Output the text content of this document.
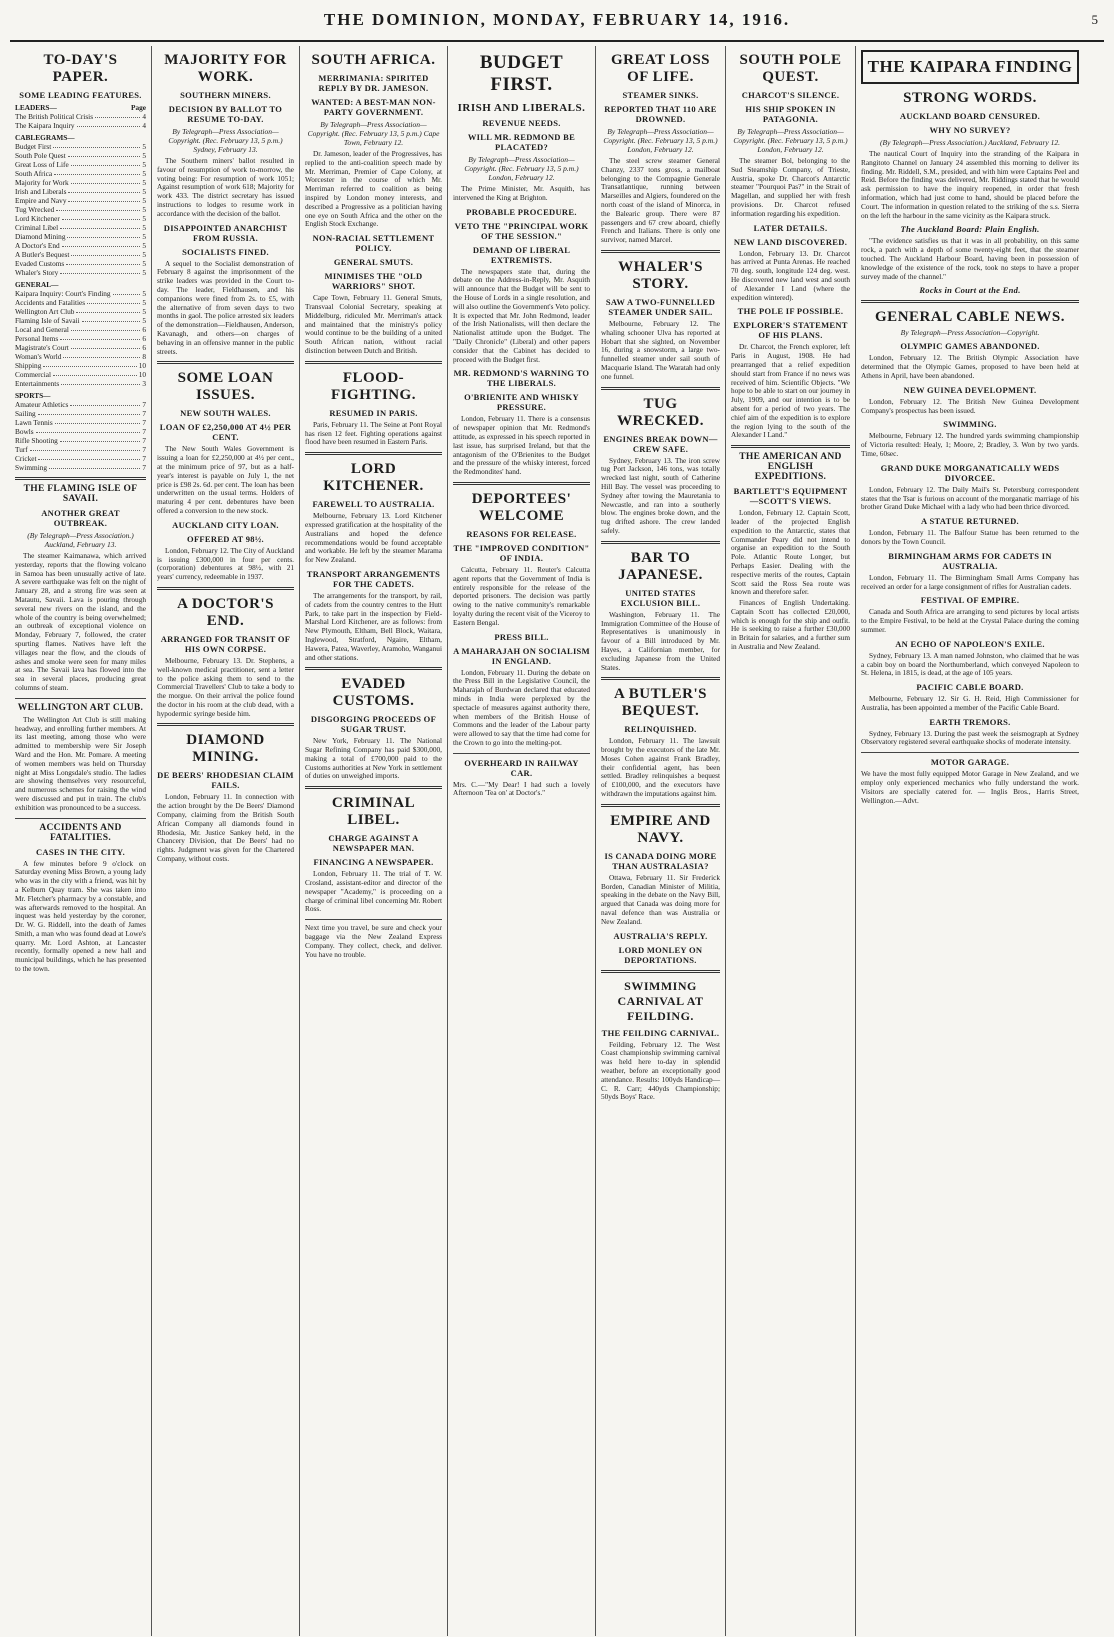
THE DOMINION, MONDAY, FEBRUARY 14, 1916.	5
TO-DAY'S PAPER.
SOME LEADING FEATURES.
LEADERS—	Page
The British Political Crisis	4
The Kaipara Inquiry	4
CABLEGRAMS—
Budget First	5
South Pole Quest	5
Great Loss of Life	5
South Africa	5
Majority for Work	5
Irish and Liberals	5
Empire and Navy	5
Tug Wrecked	5
Lord Kitchener	5
Criminal Libel	5
Diamond Mining	5
A Doctor's End	5
A Butler's Bequest	5
Evaded Customs	5
Whaler's Story	5
GENERAL—
Kaipara Inquiry: Court's Finding	5
Accidents and Fatalities	5
Wellington Art Club	5
Flaming Isle of Savaii	5
Local and General	6
Personal Items	6
Magistrate's Court	6
Woman's World	8
Shipping	10
Commercial	10
Entertainments	3
SPORTS—
Amateur Athletics	7
Sailing	7
Lawn Tennis	7
Bowls	7
Rifle Shooting	7
Turf	7
Cricket	7
Swimming	7
THE FLAMING ISLE OF SAVAII.
ANOTHER GREAT OUTBREAK.
(By Telegraph—Press Association.) Auckland, February 13.

The steamer Kaimanawa, which arrived yesterday, reports that the flowing volcano in Samoa has been unusually active of late. A severe earthquake was felt on the night of January 28, and a strong fire was seen at Matautu, Savaii. Lava is pouring through several new rivers on the island, and the whole of the country is being overwhelmed; an outbreak of exceptional violence on Monday, February 7, followed, the crater spurting flames. Natives have left the villages near the flow, and the clouds of ashes and smoke were seen for many miles at sea. The Savaii lava has flowed into the sea in several places, producing great columns of steam.

WELLINGTON ART CLUB.

The Wellington Art Club is still making headway, and enrolling further members. At its last meeting, among those who were admitted to membership were Sir Joseph Ward and the Hon. Mr. Pomare. A meeting of women members was held on Thursday night at Miss Longsdale's studio. The ladies are showing themselves very resourceful, and numerous schemes for raising the wind were discussed and put in train. The club's exhibition was pronounced to be a success.

ACCIDENTS AND FATALITIES.
CASES IN THE CITY.

A few minutes before 9 o'clock on Saturday evening Miss Brown, a young lady who was in the city with a friend, was hit by a Kelburn Quay tram. She was taken into Mr. Fletcher's pharmacy by a constable, and was afterwards removed to the hospital. An inquest was held yesterday by the coroner, Dr. W. G. Riddell, into the death of James Smith, a man who was found dead at Lowe's quarry. Mr. Lord Ashton, at Lancaster recently, formally opened a new hall and municipal buildings, which he has presented to the town.

MAJORITY FOR WORK.
SOUTHERN MINERS.
DECISION BY BALLOT TO RESUME TO-DAY.
By Telegraph—Press Association—Copyright. (Rec. February 13, 5 p.m.) Sydney, February 13.

The Southern miners' ballot resulted in favour of resumption of work to-morrow, the voting being: For resumption of work 1051; Against resumption of work 618; Majority for work 433. The district secretary has issued instructions to lodges to resume work in accordance with the decision of the ballot.

DISAPPOINTED ANARCHIST FROM RUSSIA.
SOCIALISTS FINED.

A sequel to the Socialist demonstration of February 8 against the imprisonment of the strike leaders was provided in the Court to-day. The leader, Fieldhausen, and his companions were fined from 2s. to £5, with the alternative of from seven days to two months in gaol. The police arrested six leaders of the demonstration—Fieldhausen, Anderson, Kavanagh, and others—on charges of behaving in an offensive manner in the public streets.

SOME LOAN ISSUES.
NEW SOUTH WALES.
LOAN OF £2,250,000 AT 4½ PER CENT.

The New South Wales Government is issuing a loan for £2,250,000 at 4½ per cent., at the minimum price of 97, but as a half-year's interest is payable on July 1, the net price is £98 2s. 6d. per cent. The loan has been underwritten on the usual terms. Holders of maturing 4 per cent. debentures have been offered a conversion to the new stock.

AUCKLAND CITY LOAN.
OFFERED AT 98½.

London, February 12. The City of Auckland is issuing £300,000 in four per cents. (corporation) debentures at 98½, with 21 years' currency, redeemable in 1937.

A DOCTOR'S END.
ARRANGED FOR TRANSIT OF HIS OWN CORPSE.

Melbourne, February 13. Dr. Stephens, a well-known medical practitioner, sent a letter to the police asking them to send to the Commercial Travellers' Club to take a body to the morgue. On their arrival the police found the doctor in his room at the club dead, with a hypodermic syringe beside him.

DIAMOND MINING.
DE BEERS' RHODESIAN CLAIM FAILS.

London, February 11. In connection with the action brought by the De Beers' Diamond Company, claiming from the British South African Company all diamonds found in Rhodesia, Mr. Justice Sankey held, in the Chancery Division, that De Beers' had no rights. Judgment was given for the Chartered Company, without costs.

SOUTH AFRICA.
MERRIMANIA: SPIRITED REPLY BY DR. JAMESON.
WANTED: A BEST-MAN NON-PARTY GOVERNMENT.
By Telegraph—Press Association—Copyright. (Rec. February 13, 5 p.m.) Cape Town, February 12.

Dr. Jameson, leader of the Progressives, has replied to the anti-coalition speech made by Mr. Merriman, Premier of Cape Colony, at Worcester in the course of which Mr. Merriman referred to coalition as being inspired by London money interests, and described a Progressive as a politician having one eye on South Africa and the other on the English Stock Exchange.

NON-RACIAL SETTLEMENT POLICY.
GENERAL SMUTS.
MINIMISES THE "OLD WARRIORS" SHOT.

Cape Town, February 11. General Smuts, Transvaal Colonial Secretary, speaking at Middelburg, ridiculed Mr. Merriman's attack and maintained that the ministry's policy would continue to be the building of a united South African nation, without racial distinction between Dutch and British.

FLOOD-FIGHTING.
RESUMED IN PARIS.

Paris, February 11. The Seine at Pont Royal has risen 12 feet. Fighting operations against flood have been resumed in Eastern Paris.

LORD KITCHENER.
FAREWELL TO AUSTRALIA.

Melbourne, February 13. Lord Kitchener expressed gratification at the hospitality of the Australians and hoped the defence recommendations would be found acceptable and workable. He left by the steamer Marama for New Zealand.

TRANSPORT ARRANGEMENTS FOR THE CADETS.

The arrangements for the transport, by rail, of cadets from the country centres to the Hutt Park, to take part in the inspection by Field-Marshal Lord Kitchener, are as follows: from New Plymouth, Eltham, Bell Block, Waitara, Inglewood, Stratford, Ngaire, Eltham, Hawera, Patea, Waverley, Aramoho, Wanganui and other stations.

EVADED CUSTOMS.
DISGORGING PROCEEDS OF SUGAR TRUST.

New York, February 11. The National Sugar Refining Company has paid $300,000, making a total of £700,000 paid to the Customs authorities at New York in settlement of duties on unweighed imports.

CRIMINAL LIBEL.
CHARGE AGAINST A NEWSPAPER MAN.
FINANCING A NEWSPAPER.

London, February 11. The trial of T. W. Crosland, assistant-editor and director of the newspaper "Academy," is proceeding on a charge of criminal libel concerning Mr. Robert Ross.

Next time you travel, be sure and check your baggage via the New Zealand Express Company. They collect, check, and deliver. You have no trouble.
BUDGET FIRST.
IRISH AND LIBERALS.
REVENUE NEEDS.
WILL MR. REDMOND BE PLACATED?
By Telegraph—Press Association—Copyright. (Rec. February 13, 5 p.m.) London, February 12.

The Prime Minister, Mr. Asquith, has intervened the King at Brighton.

PROBABLE PROCEDURE.
VETO THE "PRINCIPAL WORK OF THE SESSION."
DEMAND OF LIBERAL EXTREMISTS.

The newspapers state that, during the debate on the Address-in-Reply, Mr. Asquith will announce that the Budget will be sent to the House of Lords in a single resolution, and will also outline the Government's Veto policy. It is expected that Mr. John Redmond, leader of the Irish Nationalists, will then declare the Nationalist attitude upon the Budget. The "Daily Chronicle" (Liberal) and other papers consider that the Cabinet has decided to proceed with the Budget first.

MR. REDMOND'S WARNING TO THE LIBERALS.
O'BRIENITE AND WHISKY PRESSURE.

London, February 11. There is a consensus of newspaper opinion that Mr. Redmond's attitude, as expressed in his speech reported in last issue, has surprised Ireland, but that the antagonism of the O'Brienites to the Budget and the pressure of the whisky interest, forced the Redmondites' hand.

DEPORTEES' WELCOME
REASONS FOR RELEASE.
THE "IMPROVED CONDITION" OF INDIA.

Calcutta, February 11. Reuter's Calcutta agent reports that the Government of India is entirely responsible for the release of the deported prisoners. The decision was partly owing to the native community's remarkable loyalty during the recent visit of the Viceroy to Eastern Bengal.

PRESS BILL.
A MAHARAJAH ON SOCIALISM IN ENGLAND.

London, February 11. During the debate on the Press Bill in the Legislative Council, the Maharajah of Burdwan declared that educated minds in India were perplexed by the spectacle of measures against authority there, when members of the British House of Commons and the leader of the Labour party were allowed to say that the time had come for the Crown to go into the melting-pot.

OVERHEARD IN RAILWAY CAR.
Mrs. C.—"My Dear! I had such a lovely Afternoon 'Tea on' at Doctor's."
GREAT LOSS OF LIFE.
STEAMER SINKS.
REPORTED THAT 110 ARE DROWNED.
By Telegraph—Press Association—Copyright. (Rec. February 13, 5 p.m.) London, February 12.

The steel screw steamer General Chanzy, 2337 tons gross, a mailboat belonging to the Compagnie Generale Transatlantique, running between Marseilles and Algiers, foundered on the north coast of the island of Minorca, in the Balearic group. There were 87 passengers and 67 crew aboard, chiefly French and Italians. There is only one survivor, named Marcel.

WHALER'S STORY.
SAW A TWO-FUNNELLED STEAMER UNDER SAIL.

Melbourne, February 12. The whaling schooner Ulva has reported at Hobart that she sighted, on November 16, during a snowstorm, a large two-funnelled steamer under sail south of Macquarie Island. The Waratah had only one funnel.

TUG WRECKED.
ENGINES BREAK DOWN—CREW SAFE.

Sydney, February 13. The iron screw tug Port Jackson, 146 tons, was totally wrecked last night, south of Catherine Hill Bay. The vessel was proceeding to Sydney after towing the Mauretania to Newcastle, and ran into a southerly blow. The engines broke down, and the tug drifted ashore. The crew landed safely.

BAR TO JAPANESE.
UNITED STATES EXCLUSION BILL.

Washington, February 11. The Immigration Committee of the House of Representatives is unanimously in favour of a Bill introduced by Mr. Hayes, a Californian member, for excluding Japanese from the United States.

A BUTLER'S BEQUEST.
RELINQUISHED.

London, February 11. The lawsuit brought by the executors of the late Mr. Moses Cohen against Frank Bradley, their confidential agent, has been settled. Bradley relinquishes a bequest of £100,000, and the executors have withdrawn the imputations against him.

EMPIRE AND NAVY.
IS CANADA DOING MORE THAN AUSTRALASIA?

Ottawa, February 11. Sir Frederick Borden, Canadian Minister of Militia, speaking in the debate on the Navy Bill, argued that Canada was doing more for naval defence than was Australia or New Zealand.

AUSTRALIA'S REPLY.
LORD MONLEY ON DEPORTATIONS.
SWIMMING CARNIVAL AT FEILDING.
THE FEILDING CARNIVAL.

Feilding, February 12. The West Coast championship swimming carnival was held here to-day in splendid weather, before an exceptionally good attendance. Results: 100yds Handicap—C. R. Carr; 440yds Championship; 50yds Boys' Race.

SOUTH POLE QUEST.
CHARCOT'S SILENCE.
HIS SHIP SPOKEN IN PATAGONIA.
By Telegraph—Press Association—Copyright. (Rec. February 13, 5 p.m.) London, February 12.

The steamer Bol, belonging to the Sud Steamship Company, of Trieste, Austria, spoke Dr. Charcot's Antarctic steamer "Pourquoi Pas?" in the Strait of Magellan, and supplied her with fresh provisions. Dr. Charcot refused information regarding his expedition.

LATER DETAILS.
NEW LAND DISCOVERED.

London, February 13. Dr. Charcot has arrived at Punta Arenas. He reached 70 deg. south, longitude 124 deg. west. He discovered new land west and south of Alexander I Land (where the expedition wintered).

THE POLE IF POSSIBLE.
EXPLORER'S STATEMENT OF HIS PLANS.

Dr. Charcot, the French explorer, left Paris in August, 1908. He had prearranged that a relief expedition should start from France if no news was received of him. Scientific Objects. "We hope to be able to start on our journey in July, 1909, and our intention is to be absent for a period of two years. The chief aim of the expedition is to explore the region lying to the south of the Alexander I Land."

THE AMERICAN AND ENGLISH EXPEDITIONS.
BARTLETT'S EQUIPMENT—SCOTT'S VIEWS.

London, February 12. Captain Scott, leader of the projected English expedition to the Antarctic, states that Commander Peary did not intend to organise an expedition to the South Pole. Atlantic Route Longer, but Perhaps Easier. Dealing with the respective merits of the routes, Captain Scott said the Ross Sea route was known and therefore safer.

Finances of English Undertaking. Captain Scott has collected £20,000, which is enough for the ship and outfit. He is seeking to raise a further £30,000 in Britain for salaries, and a further sum in Australia and New Zealand.

THE KAIPARA FINDING
STRONG WORDS.
AUCKLAND BOARD CENSURED.
WHY NO SURVEY?
(By Telegraph—Press Association.) Auckland, February 12.

The nautical Court of Inquiry into the stranding of the Kaipara in Rangitoto Channel on January 24 assembled this morning to deliver its finding. Mr. Riddell, S.M., presided, and with him were Captains Peel and Reid. Before the finding was delivered, Mr. Riddings stated that he would ask permission to have the inquiry reopened, in order that fresh information, which had just come to hand, should be placed before the Court. The information in question related to the striking of the s.s. Sierra on the left the harbour in the same vicinity as the Kaipara struck.

The Auckland Board: Plain English.

"The evidence satisfies us that it was in all probability, on this same rock, a patch with a depth of some twenty-eight feet, that the steamer touched. The Auckland Harbour Board, having been in possession of knowledge of the existence of the rock, took no steps to have a proper survey made of the channel."

Rocks in Court at the End.
GENERAL CABLE NEWS.
By Telegraph—Press Association—Copyright.
OLYMPIC GAMES ABANDONED.

London, February 12. The British Olympic Association have determined that the Olympic Games, proposed to have been held at Athens in April, have been abandoned.

NEW GUINEA DEVELOPMENT.

London, February 12. The British New Guinea Development Company's prospectus has been issued.

SWIMMING.

Melbourne, February 12. The hundred yards swimming championship of Victoria resulted: Healy, 1; Moore, 2; Bradley, 3. Won by two yards. Time, 60sec.

GRAND DUKE MORGANATICALLY WEDS DIVORCEE.

London, February 12. The Daily Mail's St. Petersburg correspondent states that the Tsar is furious on account of the morganatic marriage of his brother Grand Duke Michael with a lady who had been thrice divorced.

A STATUE RETURNED.

London, February 11. The Balfour Statue has been returned to the donors by the Town Council.

BIRMINGHAM ARMS FOR CADETS IN AUSTRALIA.

London, February 11. The Birmingham Small Arms Company has received an order for a large consignment of rifles for Australian cadets.

FESTIVAL OF EMPIRE.

Canada and South Africa are arranging to send pictures by local artists to the Empire Festival, to be held at the Crystal Palace during the coming summer.

AN ECHO OF NAPOLEON'S EXILE.

Sydney, February 13. A man named Johnston, who claimed that he was a cabin boy on board the Northumberland, which conveyed Napoleon to St. Helena, in 1815, is dead, at the age of 105 years.

PACIFIC CABLE BOARD.

Melbourne, February 12. Sir G. H. Reid, High Commissioner for Australia, has been appointed a member of the Pacific Cable Board.

EARTH TREMORS.

Sydney, February 13. During the past week the seismograph at Sydney Observatory registered several earthquake shocks of moderate intensity.

MOTOR GARAGE.
We have the most fully equipped Motor Garage in New Zealand, and we employ only experienced mechanics who fully understand the work. Visitors are specially catered for. — Inglis Bros., Harris Street, Wellington.—Advt.
